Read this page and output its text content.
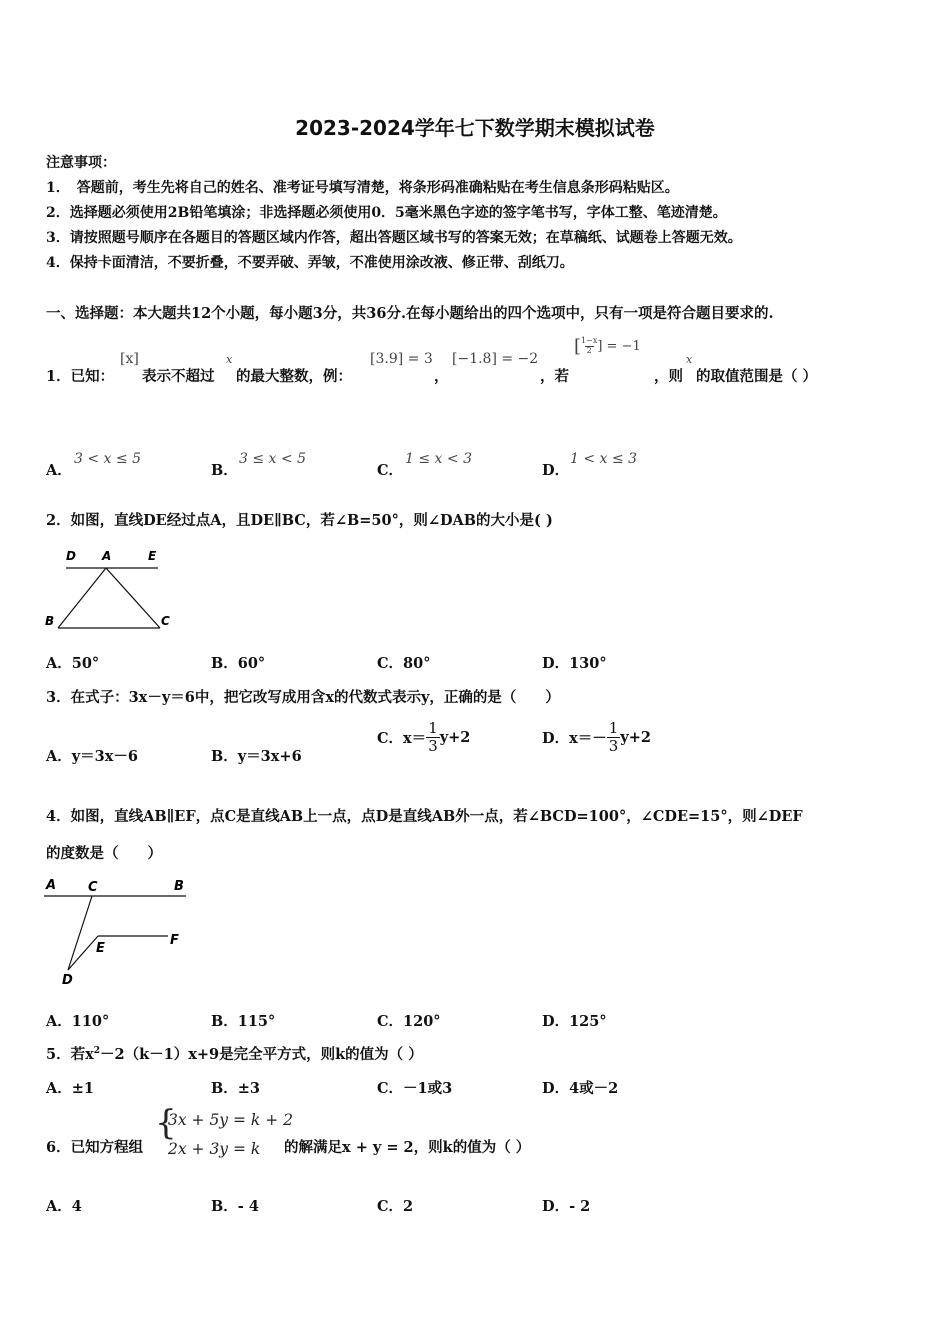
2023-2024学年七下数学期末模拟试卷
注意事项：
1．　答题前，考生先将自己的姓名、准考证号填写清楚，将条形码准确粘贴在考生信息条形码粘贴区。
2．选择题必须使用2B铅笔填涂；非选择题必须使用0．5毫米黑色字迹的签字笔书写，字体工整、笔迹清楚。
3．请按照题号顺序在各题目的答题区域内作答，超出答题区域书写的答案无效；在草稿纸、试题卷上答题无效。
4．保持卡面清洁，不要折叠，不要弄破、弄皱，不准使用涂改液、修正带、刮纸刀。
一、选择题：本大题共12个小题，每小题3分，共36分.在每小题给出的四个选项中，只有一项是符合题目要求的.
1．已知：
[x]
表示不超过
x
的最大整数，例：
[3.9] = 3
，
[−1.8] = −2
，若
[ $\frac{1-x}{2}$ ] = −1
，则
x
的取值范围是（ ）
A．
3 < x ≤ 5
B．
3 ≤ x < 5
C．
1 ≤ x < 3
D．
1 < x ≤ 3
2．如图，直线DE经过点A，且DE∥BC，若∠B=50°，则∠DAB的大小是( )
D A	E
B	C
A．50°	B．60°	C．80°	D．130°
3．在式子：3x－y＝6中，把它改写成用含x的代数式表示y，正确的是（　　）
A．y＝3x－6	B．y＝3x+6
C．$x= \frac{1}{3} y+2$	D．$x=- \frac{1}{3} y+2$
4．如图，直线AB∥EF，点C是直线AB上一点，点D是直线AB外一点，若∠BCD=100°，∠CDE=15°，则∠DEF
的度数是（　　）
A C	B
E
F
D
A．110°	B．115°	C．120°	D．125°
5．若$x^2-2(k-1)x+9$是完全平方式，则k的值为（ ）
A．±1	B．±3	C．－1或3	D．4或－2
6．已知方程组
{
3x + 5y = k + 2
2x + 3y = k 的解满足x + y = 2，则k的值为（ ）
A．4	B．- 4	C．2	D．- 2
